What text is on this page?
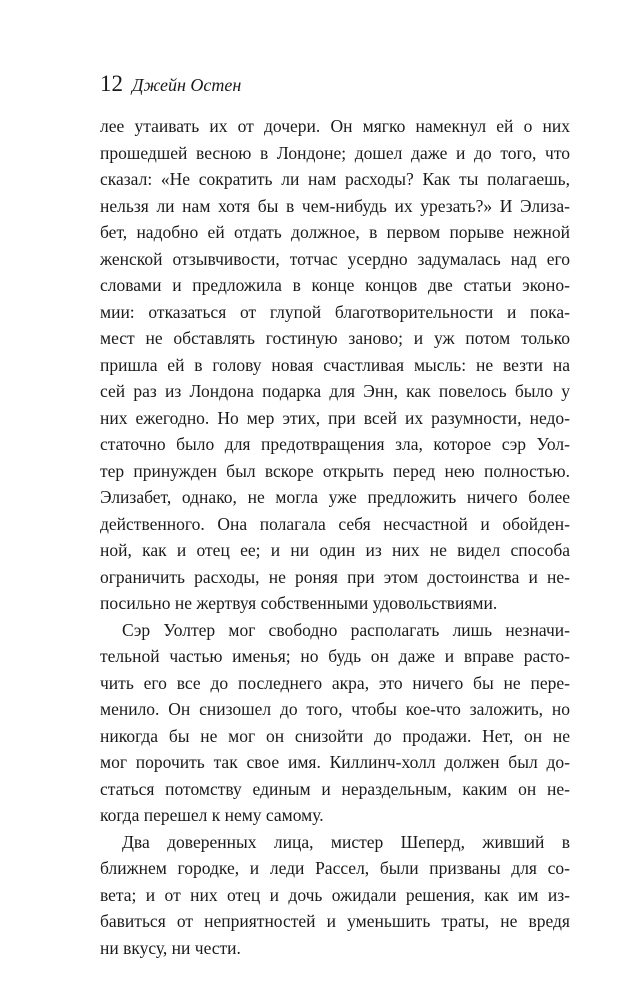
12 Джейн Остен
лее утаивать их от дочери. Он мягко намекнул ей о них
прошедшей весною в Лондоне; дошел даже и до того, что
сказал: «Не сократить ли нам расходы? Как ты полагаешь,
нельзя ли нам хотя бы в чем-нибудь их урезать?» И Элиза-
бет, надобно ей отдать должное, в первом порыве нежной
женской отзывчивости, тотчас усердно задумалась над его
словами и предложила в конце концов две статьи эконо-
мии: отказаться от глупой благотворительности и пока-
мест не обставлять гостиную заново; и уж потом только
пришла ей в голову новая счастливая мысль: не везти на
сей раз из Лондона подарка для Энн, как повелось было у
них ежегодно. Но мер этих, при всей их разумности, недо-
статочно было для предотвращения зла, которое сэр Уол-
тер принужден был вскоре открыть перед нею полностью.
Элизабет, однако, не могла уже предложить ничего более
действенного. Она полагала себя несчастной и обойден-
ной, как и отец ее; и ни один из них не видел способа
ограничить расходы, не роняя при этом достоинства и не-
посильно не жертвуя собственными удовольствиями.
Сэр Уолтер мог свободно располагать лишь незначи-
тельной частью именья; но будь он даже и вправе расто-
чить его все до последнего акра, это ничего бы не пере-
менило. Он снизошел до того, чтобы кое-что заложить, но
никогда бы не мог он снизойти до продажи. Нет, он не
мог порочить так свое имя. Киллинч-холл должен был до-
статься потомству единым и нераздельным, каким он не-
когда перешел к нему самому.
Два доверенных лица, мистер Шеперд, живший в
ближнем городке, и леди Рассел, были призваны для со-
вета; и от них отец и дочь ожидали решения, как им из-
бавиться от неприятностей и уменьшить траты, не вредя
ни вкусу, ни чести.
